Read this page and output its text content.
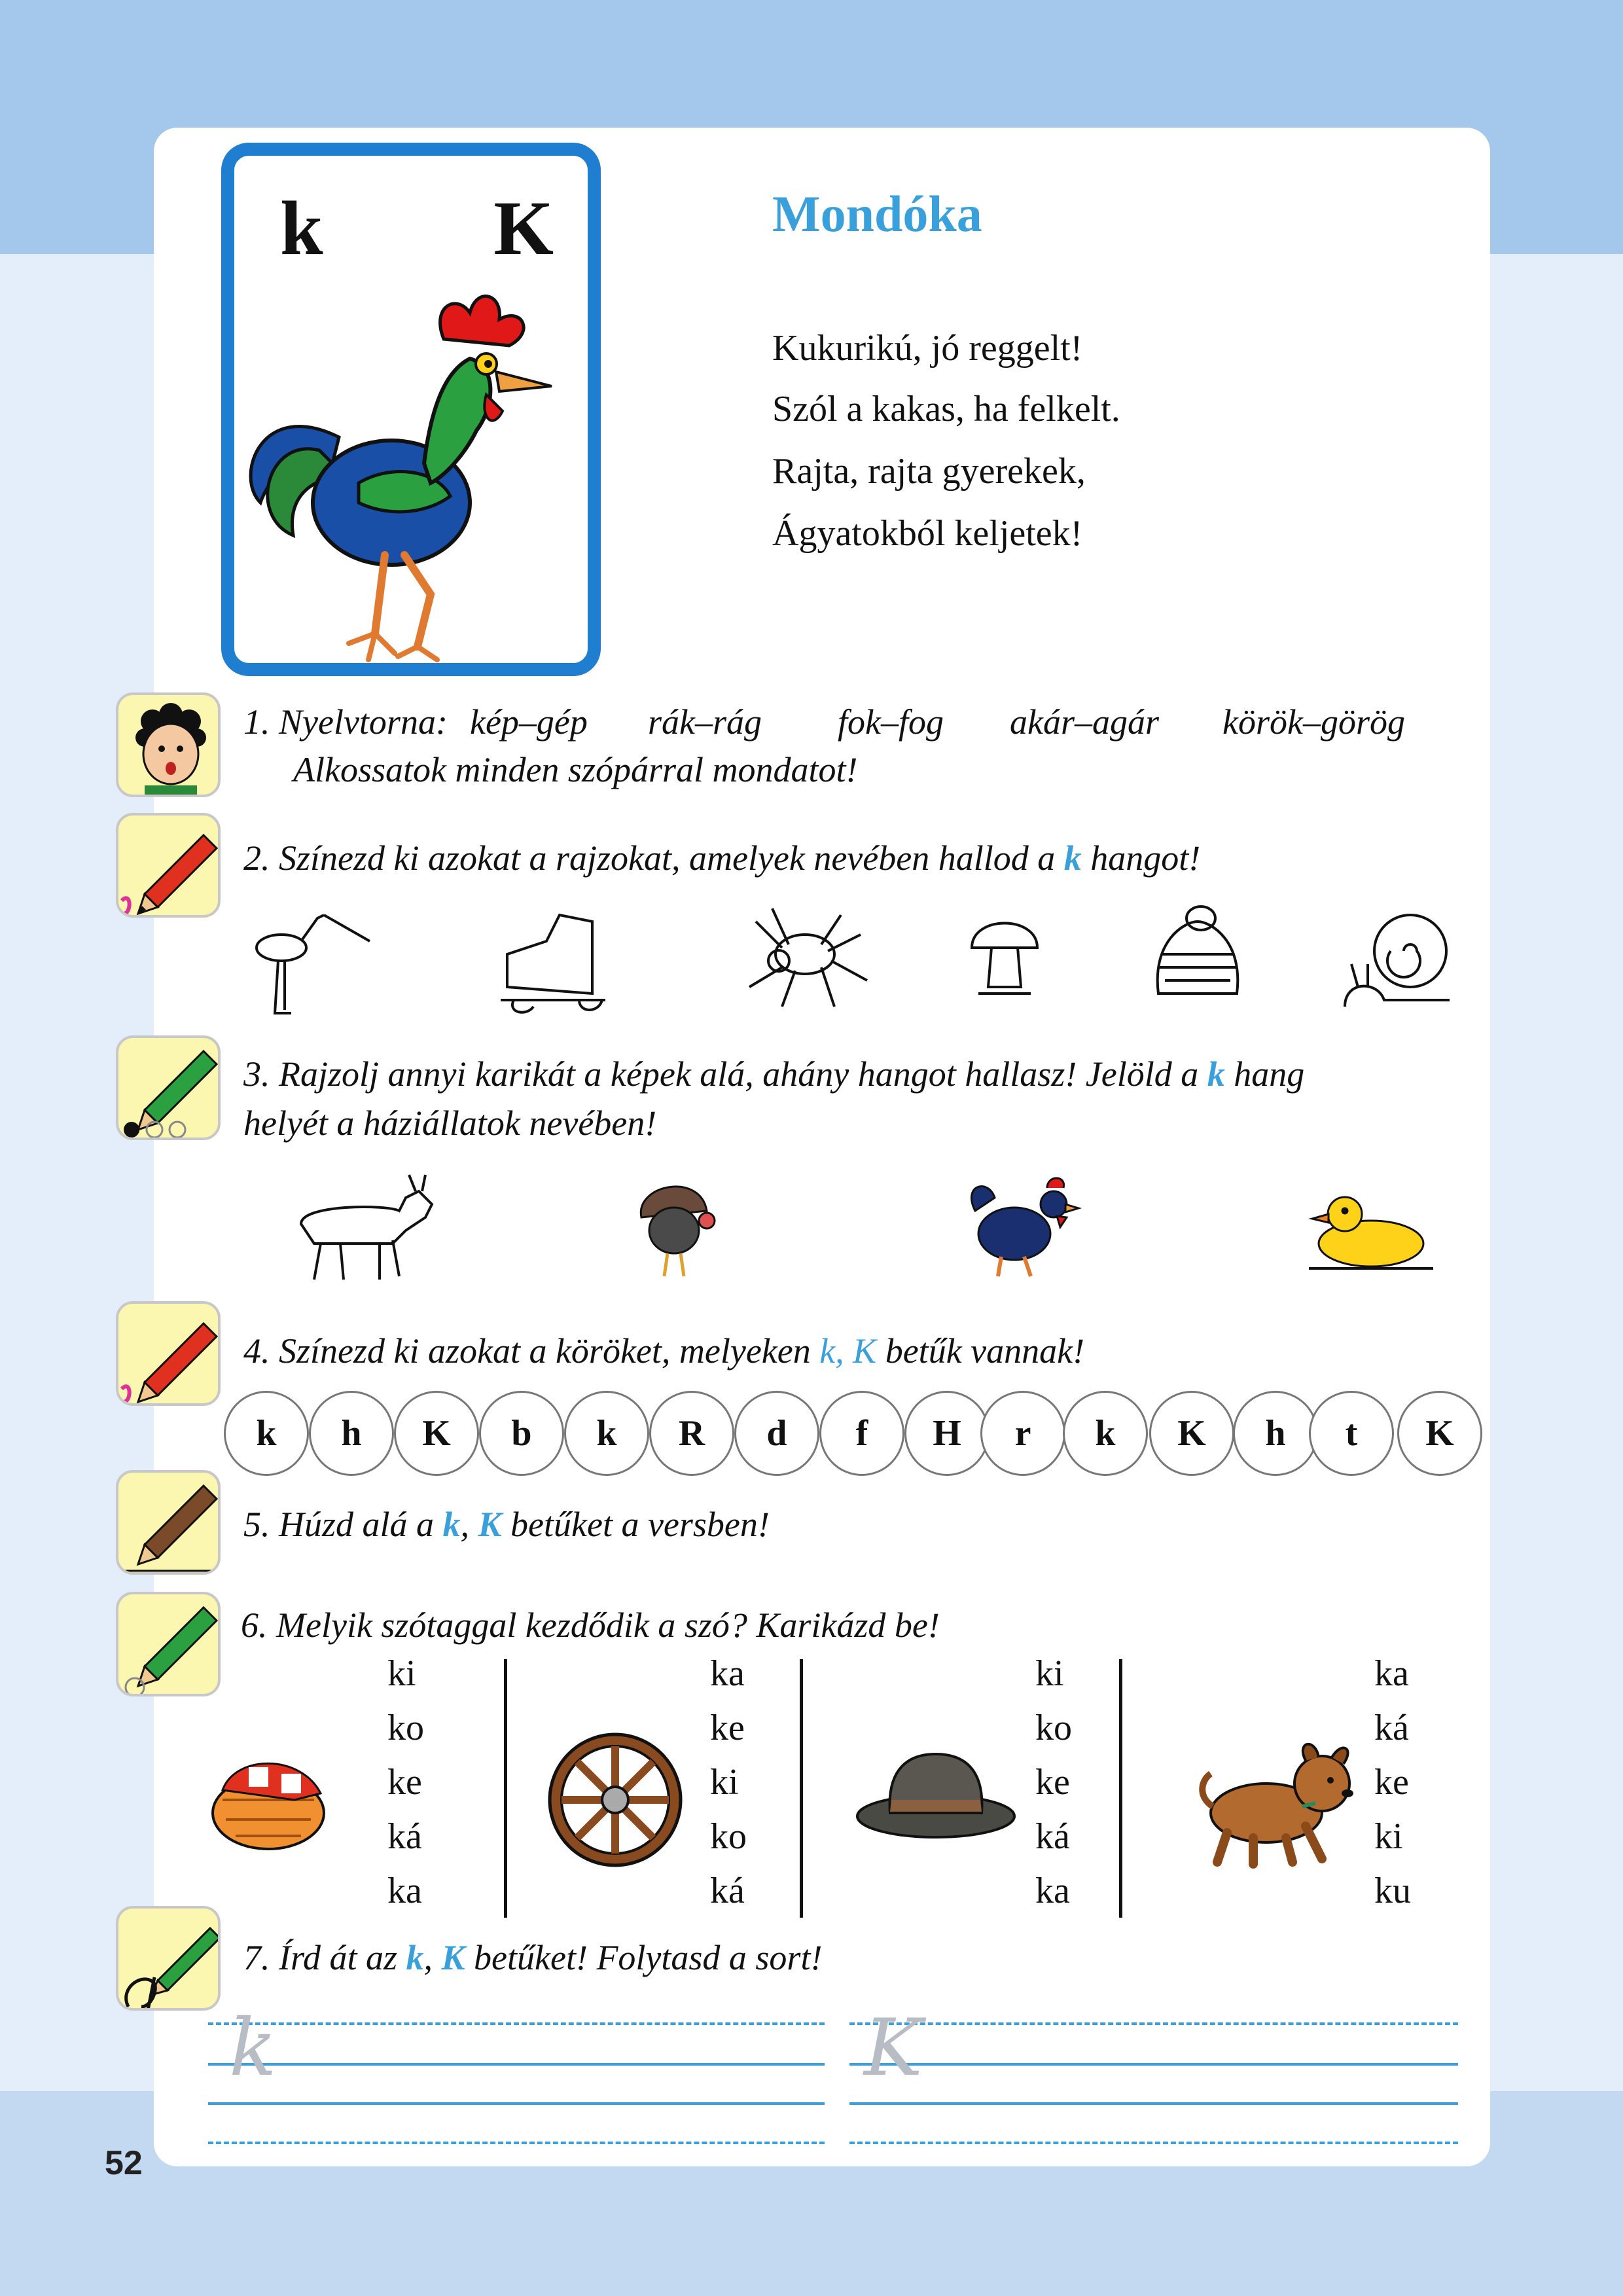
52
k K	Mondóka
Kukurikú, jó reggelt!
Szól a kakas, ha felkelt.
Rajta, rajta gyerekek,
Ágyatokból keljetek!
1. Nyelvtorna: kép–gép rák–rág fok–fog akár–agár körök–görög
Alkossatok minden szópárral mondatot!
2. Színezd ki azokat a rajzokat, amelyek nevében hallod a k hangot!
3. Rajzolj annyi karikát a képek alá, ahány hangot hallasz! Jelöld a k hang
helyét a háziállatok nevében!
4. Színezd ki azokat a köröket, melyeken k, K betűk vannak!
k	h	K	b	k	R	d	f	H	r	k	K	h	t	K
5. Húzd alá a k, K betűket a versben!
6. Melyik szótaggal kezdődik a szó? Karikázd be!
ki
ko
ke
ká
ka
ka
ke
ki
ko
ká
ki
ko
ke
ká
ka
ka
ká
ke
ki
ku
7. Írd át az k, K betűket! Folytasd a sort!
k	K
